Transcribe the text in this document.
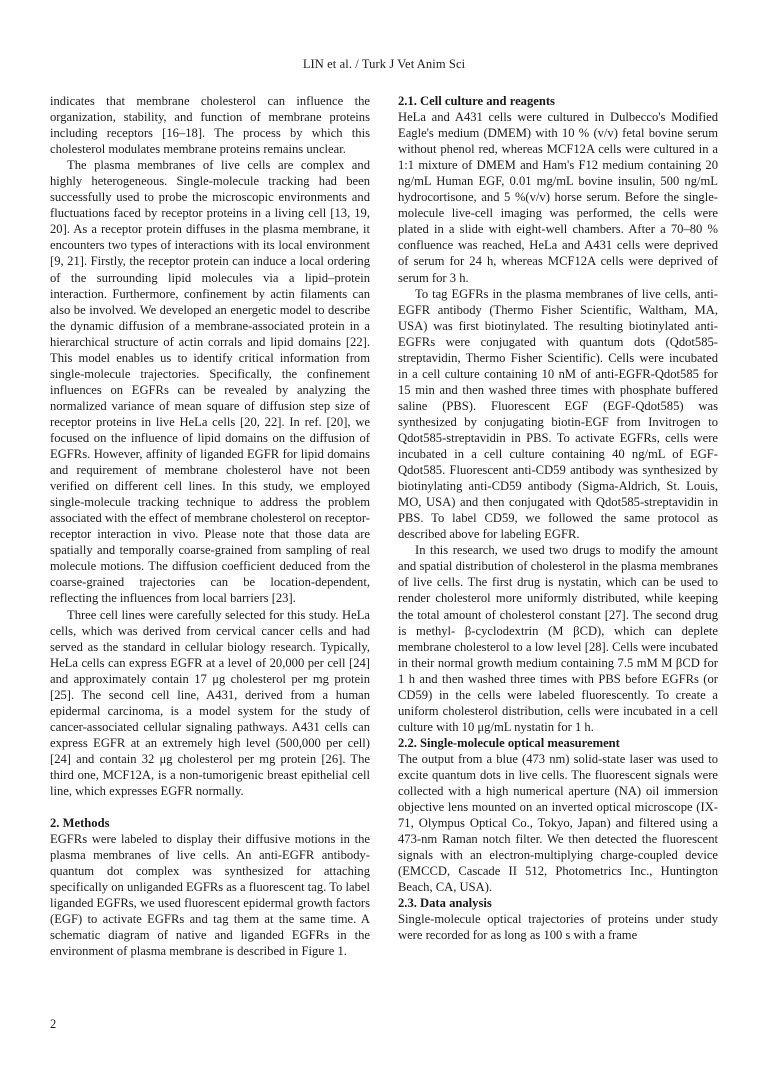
LIN et al. / Turk J Vet Anim Sci

indicates that membrane cholesterol can influence the organization, stability, and function of membrane proteins including receptors [16–18]. The process by which this cholesterol modulates membrane proteins remains unclear.

The plasma membranes of live cells are complex and highly heterogeneous. Single-molecule tracking had been successfully used to probe the microscopic environments and fluctuations faced by receptor proteins in a living cell [13, 19, 20]. As a receptor protein diffuses in the plasma membrane, it encounters two types of interactions with its local environment [9, 21]. Firstly, the receptor protein can induce a local ordering of the surrounding lipid molecules via a lipid–protein interaction. Furthermore, confinement by actin filaments can also be involved. We developed an energetic model to describe the dynamic diffusion of a membrane-associated protein in a hierarchical structure of actin corrals and lipid domains [22]. This model enables us to identify critical information from single-molecule trajectories. Specifically, the confinement influences on EGFRs can be revealed by analyzing the normalized variance of mean square of diffusion step size of receptor proteins in live HeLa cells [20, 22]. In ref. [20], we focused on the influence of lipid domains on the diffusion of EGFRs. However, affinity of liganded EGFR for lipid domains and requirement of membrane cholesterol have not been verified on different cell lines. In this study, we employed single-molecule tracking technique to address the problem associated with the effect of membrane cholesterol on receptor-receptor interaction in vivo. Please note that those data are spatially and temporally coarse-grained from sampling of real molecule motions. The diffusion coefficient deduced from the coarse-grained trajectories can be location-dependent, reflecting the influences from local barriers [23].

Three cell lines were carefully selected for this study. HeLa cells, which was derived from cervical cancer cells and had served as the standard in cellular biology research. Typically, HeLa cells can express EGFR at a level of 20,000 per cell [24] and approximately contain 17 μg cholesterol per mg protein [25]. The second cell line, A431, derived from a human epidermal carcinoma, is a model system for the study of cancer-associated cellular signaling pathways. A431 cells can express EGFR at an extremely high level (500,000 per cell) [24] and contain 32 μg cholesterol per mg protein [26]. The third one, MCF12A, is a non-tumorigenic breast epithelial cell line, which expresses EGFR normally.

2. Methods

EGFRs were labeled to display their diffusive motions in the plasma membranes of live cells. An anti-EGFR antibody-quantum dot complex was synthesized for attaching specifically on unliganded EGFRs as a fluorescent tag. To label liganded EGFRs, we used fluorescent epidermal growth factors (EGF) to activate EGFRs and tag them at the same time. A schematic diagram of native and liganded EGFRs in the environment of plasma membrane is described in Figure 1.

2.1. Cell culture and reagents

HeLa and A431 cells were cultured in Dulbecco's Modified Eagle's medium (DMEM) with 10 % (v/v) fetal bovine serum without phenol red, whereas MCF12A cells were cultured in a 1:1 mixture of DMEM and Ham's F12 medium containing 20 ng/mL Human EGF, 0.01 mg/mL bovine insulin, 500 ng/mL hydrocortisone, and 5 %(v/v) horse serum. Before the single-molecule live-cell imaging was performed, the cells were plated in a slide with eight-well chambers. After a 70–80 % confluence was reached, HeLa and A431 cells were deprived of serum for 24 h, whereas MCF12A cells were deprived of serum for 3 h.

To tag EGFRs in the plasma membranes of live cells, anti-EGFR antibody (Thermo Fisher Scientific, Waltham, MA, USA) was first biotinylated. The resulting biotinylated anti-EGFRs were conjugated with quantum dots (Qdot585-streptavidin, Thermo Fisher Scientific). Cells were incubated in a cell culture containing 10 nM of anti-EGFR-Qdot585 for 15 min and then washed three times with phosphate buffered saline (PBS). Fluorescent EGF (EGF-Qdot585) was synthesized by conjugating biotin-EGF from Invitrogen to Qdot585-streptavidin in PBS. To activate EGFRs, cells were incubated in a cell culture containing 40 ng/mL of EGF-Qdot585. Fluorescent anti-CD59 antibody was synthesized by biotinylating anti-CD59 antibody (Sigma-Aldrich, St. Louis, MO, USA) and then conjugated with Qdot585-streptavidin in PBS. To label CD59, we followed the same protocol as described above for labeling EGFR.

In this research, we used two drugs to modify the amount and spatial distribution of cholesterol in the plasma membranes of live cells. The first drug is nystatin, which can be used to render cholesterol more uniformly distributed, while keeping the total amount of cholesterol constant [27]. The second drug is methyl- β-cyclodextrin (M βCD), which can deplete membrane cholesterol to a low level [28]. Cells were incubated in their normal growth medium containing 7.5 mM M βCD for 1 h and then washed three times with PBS before EGFRs (or CD59) in the cells were labeled fluorescently. To create a uniform cholesterol distribution, cells were incubated in a cell culture with 10 μg/mL nystatin for 1 h.

2.2. Single-molecule optical measurement

The output from a blue (473 nm) solid-state laser was used to excite quantum dots in live cells. The fluorescent signals were collected with a high numerical aperture (NA) oil immersion objective lens mounted on an inverted optical microscope (IX-71, Olympus Optical Co., Tokyo, Japan) and filtered using a 473-nm Raman notch filter. We then detected the fluorescent signals with an electron-multiplying charge-coupled device (EMCCD, Cascade II 512, Photometrics Inc., Huntington Beach, CA, USA).

2.3. Data analysis

Single-molecule optical trajectories of proteins under study were recorded for as long as 100 s with a frame

2
